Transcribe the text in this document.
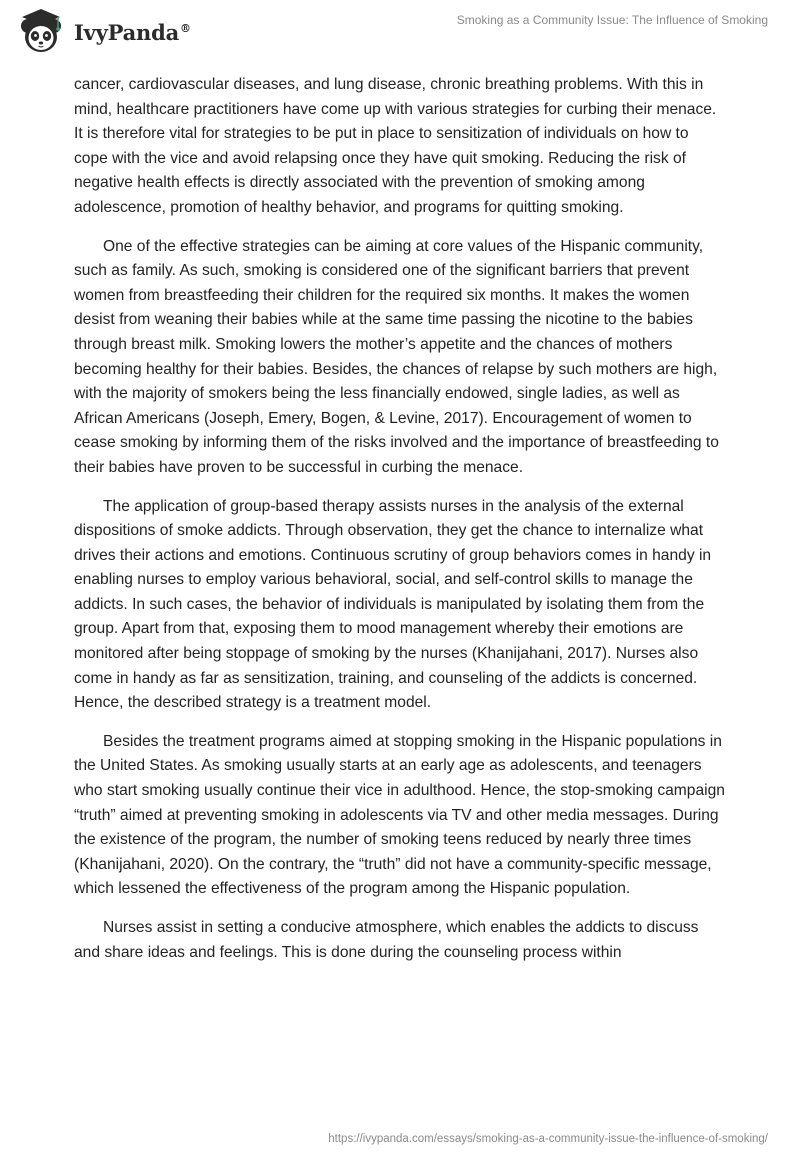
IvyPanda®
Smoking as a Community Issue: The Influence of Smoking

cancer, cardiovascular diseases, and lung disease, chronic breathing problems. With this in mind, healthcare practitioners have come up with various strategies for curbing their menace. It is therefore vital for strategies to be put in place to sensitization of individuals on how to cope with the vice and avoid relapsing once they have quit smoking. Reducing the risk of negative health effects is directly associated with the prevention of smoking among adolescence, promotion of healthy behavior, and programs for quitting smoking.

One of the effective strategies can be aiming at core values of the Hispanic community, such as family. As such, smoking is considered one of the significant barriers that prevent women from breastfeeding their children for the required six months. It makes the women desist from weaning their babies while at the same time passing the nicotine to the babies through breast milk. Smoking lowers the mother’s appetite and the chances of mothers becoming healthy for their babies. Besides, the chances of relapse by such mothers are high, with the majority of smokers being the less financially endowed, single ladies, as well as African Americans (Joseph, Emery, Bogen, & Levine, 2017). Encouragement of women to cease smoking by informing them of the risks involved and the importance of breastfeeding to their babies have proven to be successful in curbing the menace.

The application of group-based therapy assists nurses in the analysis of the external dispositions of smoke addicts. Through observation, they get the chance to internalize what drives their actions and emotions. Continuous scrutiny of group behaviors comes in handy in enabling nurses to employ various behavioral, social, and self-control skills to manage the addicts. In such cases, the behavior of individuals is manipulated by isolating them from the group. Apart from that, exposing them to mood management whereby their emotions are monitored after being stoppage of smoking by the nurses (Khanijahani, 2017). Nurses also come in handy as far as sensitization, training, and counseling of the addicts is concerned. Hence, the described strategy is a treatment model.

Besides the treatment programs aimed at stopping smoking in the Hispanic populations in the United States. As smoking usually starts at an early age as adolescents, and teenagers who start smoking usually continue their vice in adulthood. Hence, the stop-smoking campaign “truth” aimed at preventing smoking in adolescents via TV and other media messages. During the existence of the program, the number of smoking teens reduced by nearly three times (Khanijahani, 2020). On the contrary, the “truth” did not have a community-specific message, which lessened the effectiveness of the program among the Hispanic population.

Nurses assist in setting a conducive atmosphere, which enables the addicts to discuss and share ideas and feelings. This is done during the counseling process within

https://ivypanda.com/essays/smoking-as-a-community-issue-the-influence-of-smoking/
